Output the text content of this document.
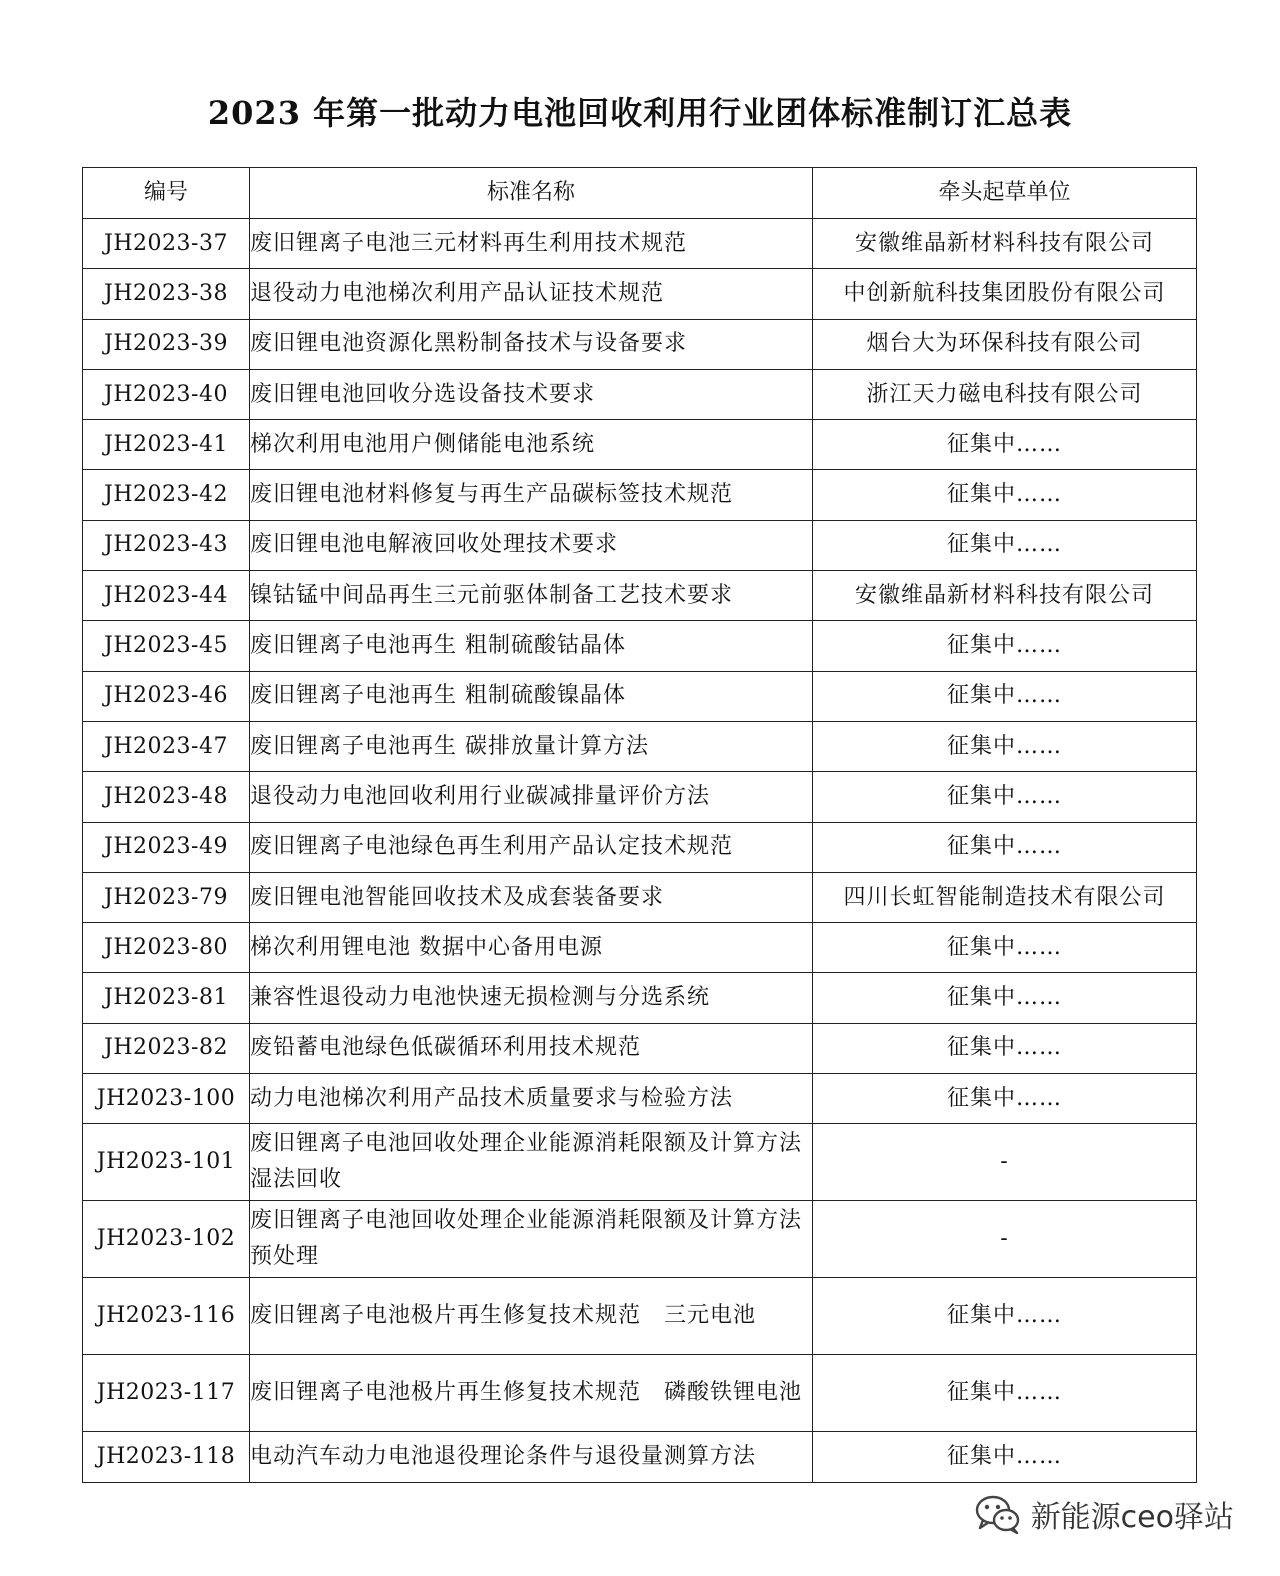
2023 年第一批动力电池回收利用行业团体标准制订汇总表
编号	标准名称	牵头起草单位
JH2023-37	废旧锂离子电池三元材料再生利用技术规范	安徽维晶新材料科技有限公司
JH2023-38	退役动力电池梯次利用产品认证技术规范	中创新航科技集团股份有限公司
JH2023-39	废旧锂电池资源化黑粉制备技术与设备要求	烟台大为环保科技有限公司
JH2023-40	废旧锂电池回收分选设备技术要求	浙江天力磁电科技有限公司
JH2023-41	梯次利用电池用户侧储能电池系统	征集中……
JH2023-42	废旧锂电池材料修复与再生产品碳标签技术规范	征集中……
JH2023-43	废旧锂电池电解液回收处理技术要求	征集中……
JH2023-44	镍钴锰中间品再生三元前驱体制备工艺技术要求	安徽维晶新材料科技有限公司
JH2023-45	废旧锂离子电池再生 粗制硫酸钴晶体	征集中……
JH2023-46	废旧锂离子电池再生 粗制硫酸镍晶体	征集中……
JH2023-47	废旧锂离子电池再生 碳排放量计算方法	征集中……
JH2023-48	退役动力电池回收利用行业碳减排量评价方法	征集中……
JH2023-49	废旧锂离子电池绿色再生利用产品认定技术规范	征集中……
JH2023-79	废旧锂电池智能回收技术及成套装备要求	四川长虹智能制造技术有限公司
JH2023-80	梯次利用锂电池 数据中心备用电源	征集中……
JH2023-81	兼容性退役动力电池快速无损检测与分选系统	征集中……
JH2023-82	废铅蓄电池绿色低碳循环利用技术规范	征集中……
JH2023-100	动力电池梯次利用产品技术质量要求与检验方法	征集中……
JH2023-101	废旧锂离子电池回收处理企业能源消耗限额及计算方法 湿法回收	-
JH2023-102	废旧锂离子电池回收处理企业能源消耗限额及计算方法 预处理	-
JH2023-116	废旧锂离子电池极片再生修复技术规范　三元电池	征集中……
JH2023-117	废旧锂离子电池极片再生修复技术规范　磷酸铁锂电池	征集中……
JH2023-118	电动汽车动力电池退役理论条件与退役量测算方法	征集中……
新能源ceo驿站
